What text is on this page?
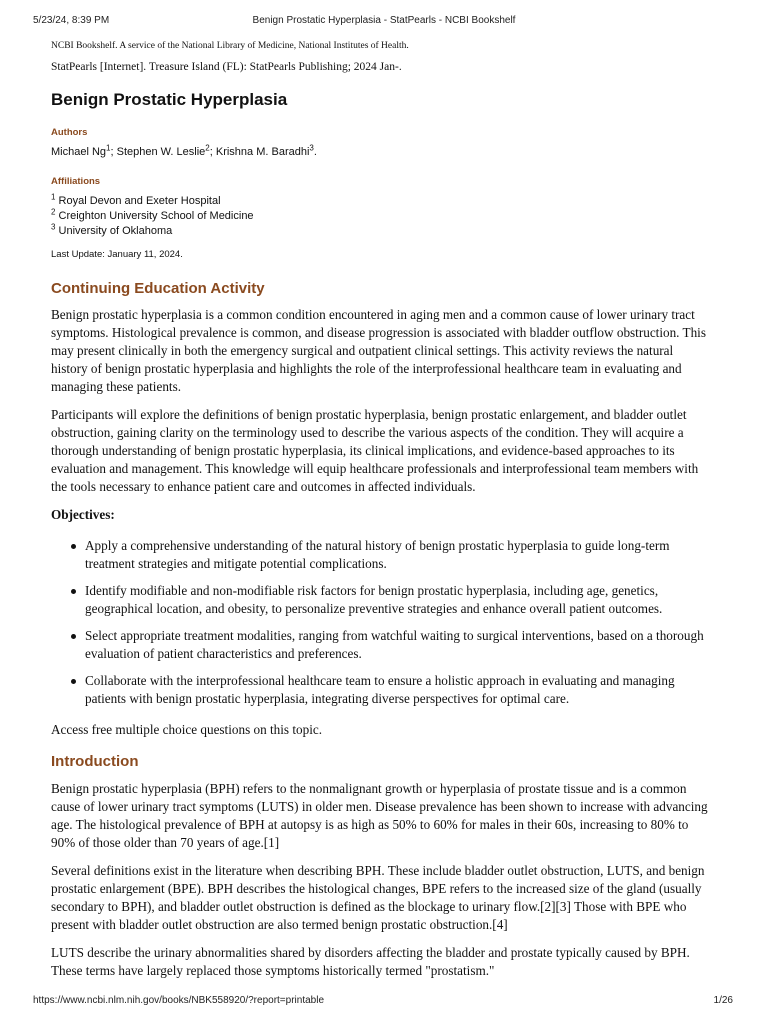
5/23/24, 8:39 PM	Benign Prostatic Hyperplasia - StatPearls - NCBI Bookshelf
NCBI Bookshelf. A service of the National Library of Medicine, National Institutes of Health.
StatPearls [Internet]. Treasure Island (FL): StatPearls Publishing; 2024 Jan-.
Benign Prostatic Hyperplasia
Authors
Michael Ng$^1$; Stephen W. Leslie$^2$; Krishna M. Baradhi$^3$.
Affiliations
$^1$ Royal Devon and Exeter Hospital
$^2$ Creighton University School of Medicine
$^3$ University of Oklahoma
Last Update: January 11, 2024.
Continuing Education Activity

Benign prostatic hyperplasia is a common condition encountered in aging men and a common cause of lower urinary tract symptoms. Histological prevalence is common, and disease progression is associated with bladder outflow obstruction. This may present clinically in both the emergency surgical and outpatient clinical settings. This activity reviews the natural history of benign prostatic hyperplasia and highlights the role of the interprofessional healthcare team in evaluating and managing these patients.

Participants will explore the definitions of benign prostatic hyperplasia, benign prostatic enlargement, and bladder outlet obstruction, gaining clarity on the terminology used to describe the various aspects of the condition. They will acquire a thorough understanding of benign prostatic hyperplasia, its clinical implications, and evidence-based approaches to its evaluation and management. This knowledge will equip healthcare professionals and interprofessional team members with the tools necessary to enhance patient care and outcomes in affected individuals.

Objectives:

Apply a comprehensive understanding of the natural history of benign prostatic hyperplasia to guide long-term treatment strategies and mitigate potential complications.
Identify modifiable and non-modifiable risk factors for benign prostatic hyperplasia, including age, genetics, geographical location, and obesity, to personalize preventive strategies and enhance overall patient outcomes.
Select appropriate treatment modalities, ranging from watchful waiting to surgical interventions, based on a thorough evaluation of patient characteristics and preferences.
Collaborate with the interprofessional healthcare team to ensure a holistic approach in evaluating and managing patients with benign prostatic hyperplasia, integrating diverse perspectives for optimal care.

Access free multiple choice questions on this topic.

Introduction

Benign prostatic hyperplasia (BPH) refers to the nonmalignant growth or hyperplasia of prostate tissue and is a common cause of lower urinary tract symptoms (LUTS) in older men. Disease prevalence has been shown to increase with advancing age. The histological prevalence of BPH at autopsy is as high as 50% to 60% for males in their 60s, increasing to 80% to 90% of those older than 70 years of age.[1]

Several definitions exist in the literature when describing BPH. These include bladder outlet obstruction, LUTS, and benign prostatic enlargement (BPE). BPH describes the histological changes, BPE refers to the increased size of the gland (usually secondary to BPH), and bladder outlet obstruction is defined as the blockage to urinary flow.[2][3] Those with BPE who present with bladder outlet obstruction are also termed benign prostatic obstruction.[4]

LUTS describe the urinary abnormalities shared by disorders affecting the bladder and prostate typically caused by BPH. These terms have largely replaced those symptoms historically termed "prostatism."

https://www.ncbi.nlm.nih.gov/books/NBK558920/?report=printable	1/26
